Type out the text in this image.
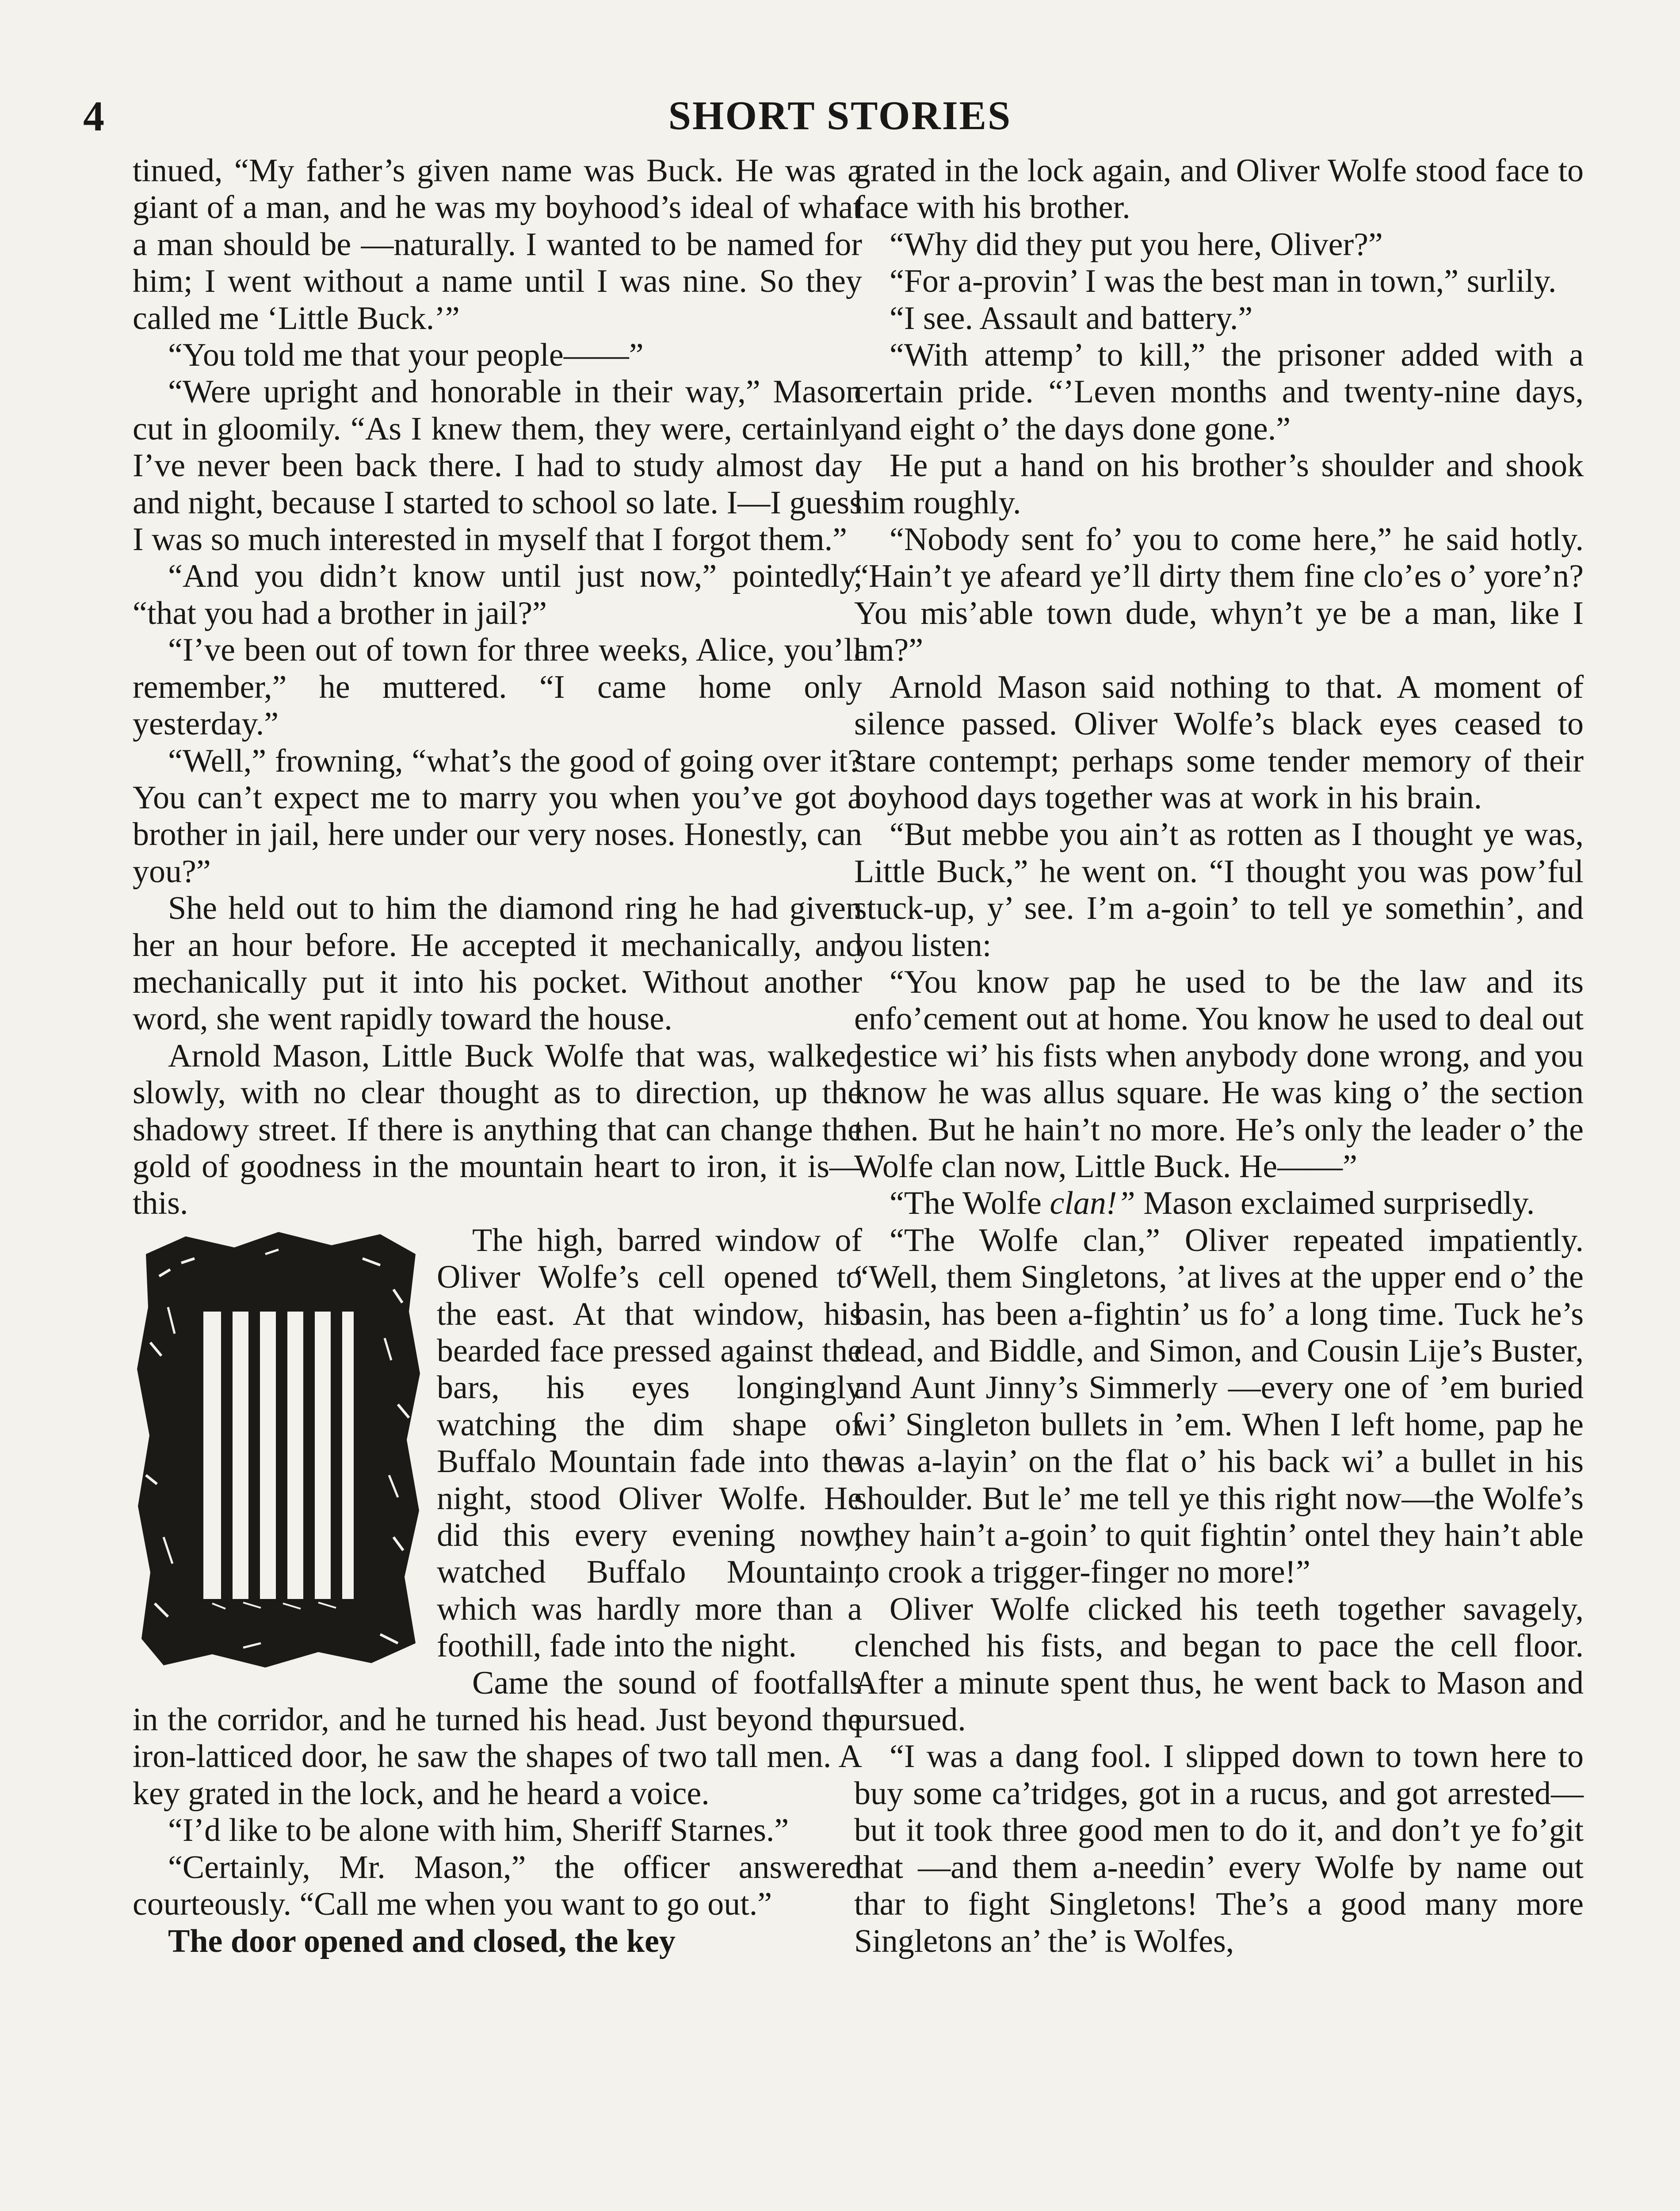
4	SHORT STORIES

tinued, “My father’s given name was Buck. He was a giant of a man, and he was my boyhood’s ideal of what a man should be —naturally. I wanted to be named for him; I went without a name until I was nine. So they called me ‘Little Buck.’”

“You told me that your people——”

“Were upright and honorable in their way,” Mason cut in gloomily. “As I knew them, they were, certainly. I’ve never been back there. I had to study almost day and night, because I started to school so late. I—I guess I was so much interested in myself that I forgot them.”

“And you didn’t know until just now,” pointedly, “that you had a brother in jail?”

“I’ve been out of town for three weeks, Alice, you’ll remember,” he muttered. “I came home only yesterday.”

“Well,” frowning, “what’s the good of going over it? You can’t expect me to marry you when you’ve got a brother in jail, here under our very noses. Honestly, can you?”

She held out to him the diamond ring he had given her an hour before. He accepted it mechanically, and mechanically put it into his pocket. Without another word, she went rapidly toward the house.

Arnold Mason, Little Buck Wolfe that was, walked slowly, with no clear thought as to direction, up the shadowy street. If there is anything that can change the gold of goodness in the mountain heart to iron, it is—this.

The high, barred window of Oliver Wolfe’s cell opened to the east. At that window, his bearded face pressed against the bars, his eyes longingly watching the dim shape of Buffalo Mountain fade into the night, stood Oliver Wolfe. He did this every evening now, watched Buffalo Mountain, which was hardly more than a foothill, fade into the night.

Came the sound of footfalls in the corridor, and he turned his head. Just beyond the iron-latticed door, he saw the shapes of two tall men. A key grated in the lock, and he heard a voice.

“I’d like to be alone with him, Sheriff Starnes.”

“Certainly, Mr. Mason,” the officer answered courteously. “Call me when you want to go out.”

The door opened and closed, the key

grated in the lock again, and Oliver Wolfe stood face to face with his brother.

“Why did they put you here, Oliver?”

“For a-provin’ I was the best man in town,” surlily.

“I see. Assault and battery.”

“With attemp’ to kill,” the prisoner added with a certain pride. “’Leven months and twenty-nine days, and eight o’ the days done gone.”

He put a hand on his brother’s shoulder and shook him roughly.

“Nobody sent fo’ you to come here,” he said hotly. “Hain’t ye afeard ye’ll dirty them fine clo’es o’ yore’n? You mis’able town dude, whyn’t ye be a man, like I am?”

Arnold Mason said nothing to that. A moment of silence passed. Oliver Wolfe’s black eyes ceased to stare contempt; perhaps some tender memory of their boyhood days together was at work in his brain.

“But mebbe you ain’t as rotten as I thought ye was, Little Buck,” he went on. “I thought you was pow’ful stuck-up, y’ see. I’m a-goin’ to tell ye somethin’, and you listen:

“You know pap he used to be the law and its enfo’cement out at home. You know he used to deal out jestice wi’ his fists when anybody done wrong, and you know he was allus square. He was king o’ the section then. But he hain’t no more. He’s only the leader o’ the Wolfe clan now, Little Buck. He——”

“The Wolfe clan!” Mason exclaimed surprisedly.

“The Wolfe clan,” Oliver repeated impatiently. “Well, them Singletons, ’at lives at the upper end o’ the basin, has been a-fightin’ us fo’ a long time. Tuck he’s dead, and Biddle, and Simon, and Cousin Lije’s Buster, and Aunt Jinny’s Simmerly —every one of ’em buried wi’ Singleton bullets in ’em. When I left home, pap he was a-layin’ on the flat o’ his back wi’ a bullet in his shoulder. But le’ me tell ye this right now—the Wolfe’s they hain’t a-goin’ to quit fightin’ ontel they hain’t able to crook a trigger-finger no more!”

Oliver Wolfe clicked his teeth together savagely, clenched his fists, and began to pace the cell floor. After a minute spent thus, he went back to Mason and pursued.

“I was a dang fool. I slipped down to town here to buy some ca’tridges, got in a rucus, and got arrested—but it took three good men to do it, and don’t ye fo’git that —and them a-needin’ every Wolfe by name out thar to fight Singletons! The’s a good many more Singletons an’ the’ is Wolfes,
